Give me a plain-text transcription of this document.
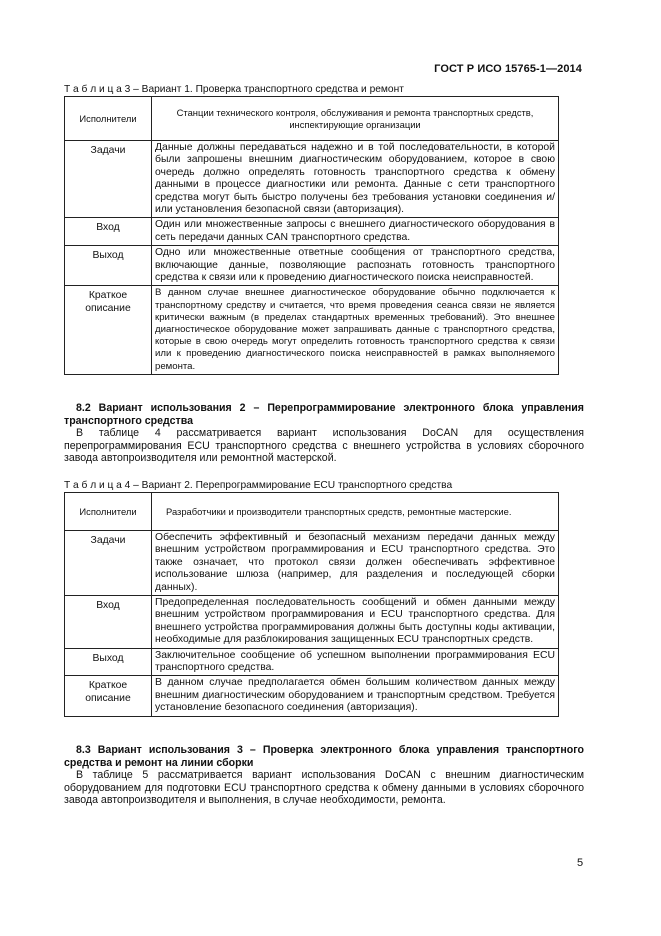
ГОСТ Р ИСО 15765-1—2014
Т а б л и ц а 3 – Вариант 1. Проверка транспортного средства и ремонт
Исполнители	Станции технического контроля, обслуживания и ремонта транспортных средств, инспектирующие организации

Задачи	Данные должны передаваться надежно и в той последовательности, в которой были запрошены внешним диагностическим оборудованием, которое в свою очередь должно определять готовность транспортного средства к обмену данными в процессе диагностики или ремонта. Данные с сети транспортного средства могут быть быстро получены без требования установки соединения и/или установления безопасной связи (авторизация).

Вход	Один или множественные запросы с внешнего диагностического оборудования в сеть передачи данных CAN транспортного средства.

Выход	Одно или множественные ответные сообщения от транспортного средства, включающие данные, позволяющие распознать готовность транспортного средства к связи или к проведению диагностического поиска неисправностей.

Краткое описание	В данном случае внешнее диагностическое оборудование обычно подключается к транспортному средству и считается, что время проведения сеанса связи не является критически важным (в пределах стандартных временных требований). Это внешнее диагностическое оборудование может запрашивать данные с транспортного средства, которые в свою очередь могут определить готовность транспортного средства к связи или к проведению диагностического поиска неисправностей в рамках выполняемого ремонта.

8.2 Вариант использования 2 – Перепрограммирование электронного блока управления транспортного средства

В таблице 4 рассматривается вариант использования DoCAN для осуществления перепрограммирования ECU транспортного средства с внешнего устройства в условиях сборочного завода автопроизводителя или ремонтной мастерской.

Т а б л и ц а 4 – Вариант 2. Перепрограммирование ECU транспортного средства
Исполнители	Разработчики и производители транспортных средств, ремонтные мастерские.

Задачи	Обеспечить эффективный и безопасный механизм передачи данных между внешним устройством программирования и ECU транспортного средства. Это также означает, что протокол связи должен обеспечивать эффективное использование шлюза (например, для разделения и последующей сборки данных).

Вход	Предопределенная последовательность сообщений и обмен данными между внешним устройством программирования и ECU транспортного средства. Для внешнего устройства программирования должны быть доступны коды активации, необходимые для разблокирования защищенных ECU транспортных средств.

Выход	Заключительное сообщение об успешном выполнении программирования ECU транспортного средства.

Краткое описание	В данном случае предполагается обмен большим количеством данных между внешним диагностическим оборудованием и транспортным средством. Требуется установление безопасного соединения (авторизация).

8.3 Вариант использования 3 – Проверка электронного блока управления транспортного средства и ремонт на линии сборки

В таблице 5 рассматривается вариант использования DoCAN с внешним диагностическим оборудованием для подготовки ECU транспортного средства к обмену данными в условиях сборочного завода автопроизводителя и выполнения, в случае необходимости, ремонта.

5
